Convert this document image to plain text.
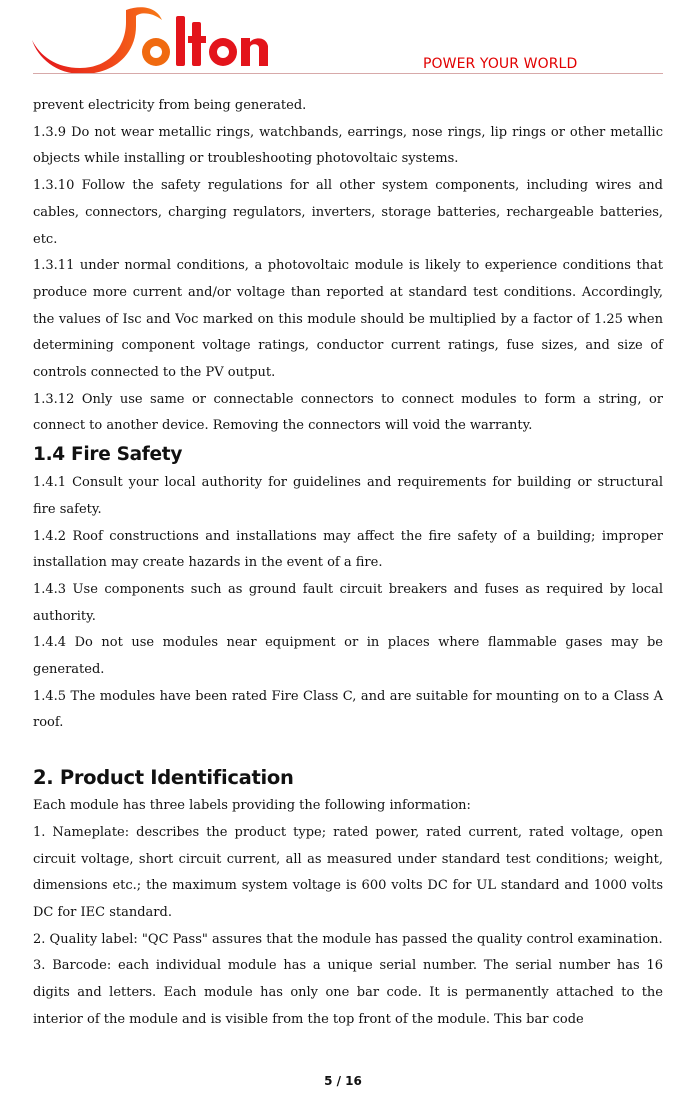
POWER YOUR WORLD

prevent electricity from being generated.

1.3.9 Do not wear metallic rings, watchbands, earrings, nose rings, lip rings or other metallic objects while installing or troubleshooting photovoltaic systems.

1.3.10 Follow the safety regulations for all other system components, including wires and cables, connectors, charging regulators, inverters, storage batteries, rechargeable batteries, etc.

1.3.11 under normal conditions, a photovoltaic module is likely to experience conditions that produce more current and/or voltage than reported at standard test conditions. Accordingly, the values of Isc and Voc marked on this module should be multiplied by a factor of 1.25 when determining component voltage ratings, conductor current ratings, fuse sizes, and size of controls connected to the PV output.

1.3.12 Only use same or connectable connectors to connect modules to form a string, or connect to another device. Removing the connectors will void the warranty.

1.4 Fire Safety

1.4.1 Consult your local authority for guidelines and requirements for building or structural fire safety.

1.4.2 Roof constructions and installations may affect the fire safety of a building; improper installation may create hazards in the event of a fire.

1.4.3 Use components such as ground fault circuit breakers and fuses as required by local authority.

1.4.4 Do not use modules near equipment or in places where flammable gases may be generated.

1.4.5 The modules have been rated Fire Class C, and are suitable for mounting on to a Class A roof.

2. Product Identification

Each module has three labels providing the following information:

1. Nameplate: describes the product type; rated power, rated current, rated voltage, open circuit voltage, short circuit current, all as measured under standard test conditions; weight, dimensions etc.; the maximum system voltage is 600 volts DC for UL standard and 1000 volts DC for IEC standard.

2. Quality label: "QC Pass" assures that the module has passed the quality control examination.

3. Barcode: each individual module has a unique serial number. The serial number has 16 digits and letters. Each module has only one bar code. It is permanently attached to the interior of the module and is visible from the top front of the module. This bar code

5 / 16
